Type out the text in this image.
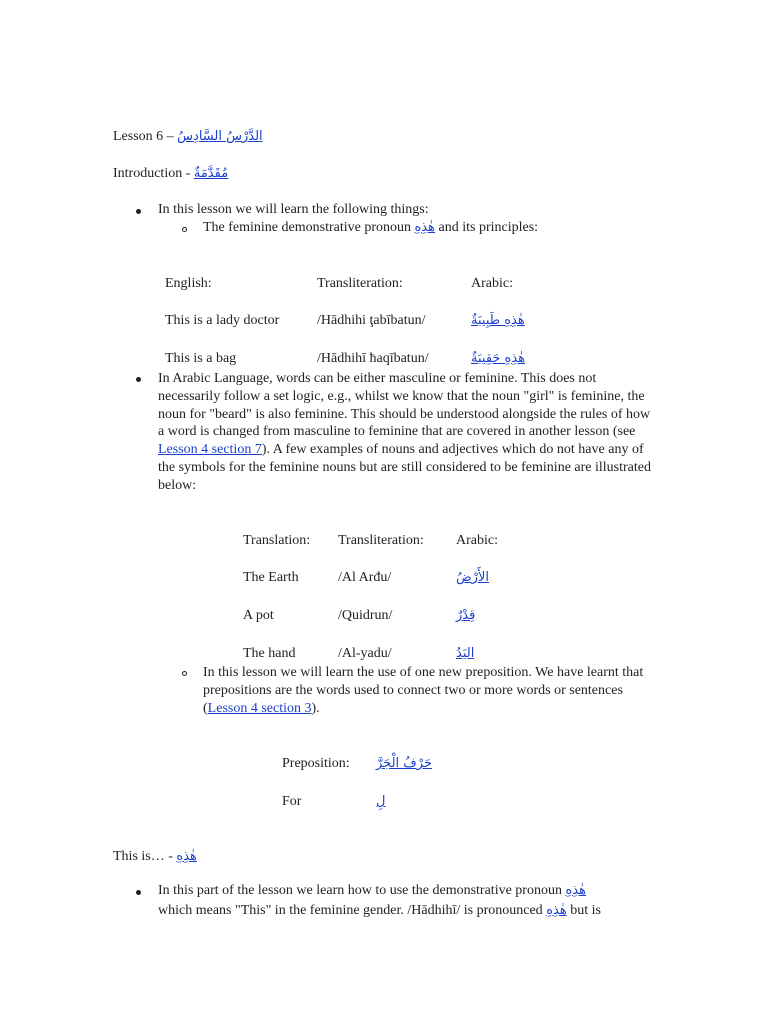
Lesson 6 – الدَّرْسُ السَّادِسُ
Introduction - مُقَدَّمَةٌ
In this lesson we will learn the following things:
The feminine demonstrative pronoun هٰذِهِ and its principles:
English:	Transliteration:	Arabic:
This is a lady doctor	/Hādhihi ţabībatun/	هٰذِهِ طَبِيبَةٌ
This is a bag	/Hādhihī ħaqībatun/	هٰذِهِ حَقِيبَةٌ
In Arabic Language, words can be either masculine or feminine. This does not necessarily follow a set logic, e.g., whilst we know that the noun "girl" is feminine, the noun for "beard" is also feminine. This should be understood alongside the rules of how a word is changed from masculine to feminine that are covered in another lesson (see Lesson 4 section 7). A few examples of nouns and adjectives which do not have any of the symbols for the feminine nouns but are still considered to be feminine are illustrated below:
Translation: Transliteration: Arabic:
The Earth	/Al Arđu/	الأَرْضُ
A pot	/Quidrun/	قِدْرٌ
The hand	/Al-yadu/	اليَدُ
In this lesson we will learn the use of one new preposition. We have learnt that prepositions are the words used to connect two or more words or sentences (Lesson 4 section 3).
Preposition: حَرْفُ الْجَرَّ
For	لِ
This is… - هٰذِهِ
In this part of the lesson we learn how to use the demonstrative pronoun هٰذِهِ
which means "This" in the feminine gender. /Hādhihī/ is pronounced هٰذِهِ but is
